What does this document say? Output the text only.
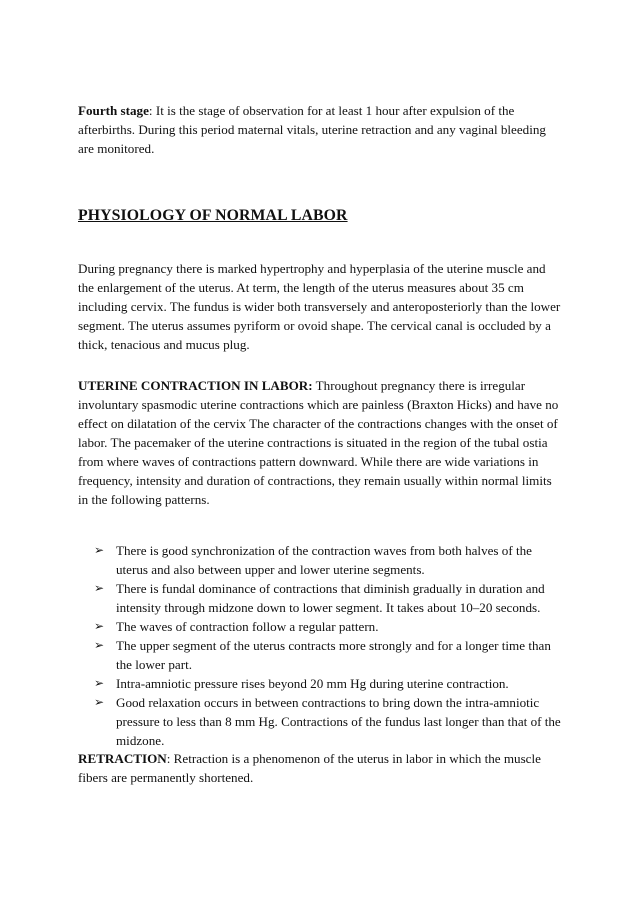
Fourth stage: It is the stage of observation for at least 1 hour after expulsion of the afterbirths. During this period maternal vitals, uterine retraction and any vaginal bleeding are monitored.

PHYSIOLOGY OF NORMAL LABOR

During pregnancy there is marked hypertrophy and hyperplasia of the uterine muscle and the enlargement of the uterus. At term, the length of the uterus measures about 35 cm including cervix. The fundus is wider both transversely and anteroposteriorly than the lower segment. The uterus assumes pyriform or ovoid shape. The cervical canal is occluded by a thick, tenacious and mucus plug.

UTERINE CONTRACTION IN LABOR: Throughout pregnancy there is irregular involuntary spasmodic uterine contractions which are painless (Braxton Hicks) and have no effect on dilatation of the cervix The character of the contractions changes with the onset of labor. The pacemaker of the uterine contractions is situated in the region of the tubal ostia from where waves of contractions pattern downward. While there are wide variations in frequency, intensity and duration of contractions, they remain usually within normal limits in the following patterns.

➢ There is good synchronization of the contraction waves from both halves of the uterus and also between upper and lower uterine segments.
➢ There is fundal dominance of contractions that diminish gradually in duration and intensity through midzone down to lower segment. It takes about 10–20 seconds.
➢ The waves of contraction follow a regular pattern.
➢ The upper segment of the uterus contracts more strongly and for a longer time than the lower part.
➢ Intra-amniotic pressure rises beyond 20 mm Hg during uterine contraction.
➢ Good relaxation occurs in between contractions to bring down the intra-amniotic pressure to less than 8 mm Hg. Contractions of the fundus last longer than that of the midzone.

RETRACTION: Retraction is a phenomenon of the uterus in labor in which the muscle fibers are permanently shortened.
